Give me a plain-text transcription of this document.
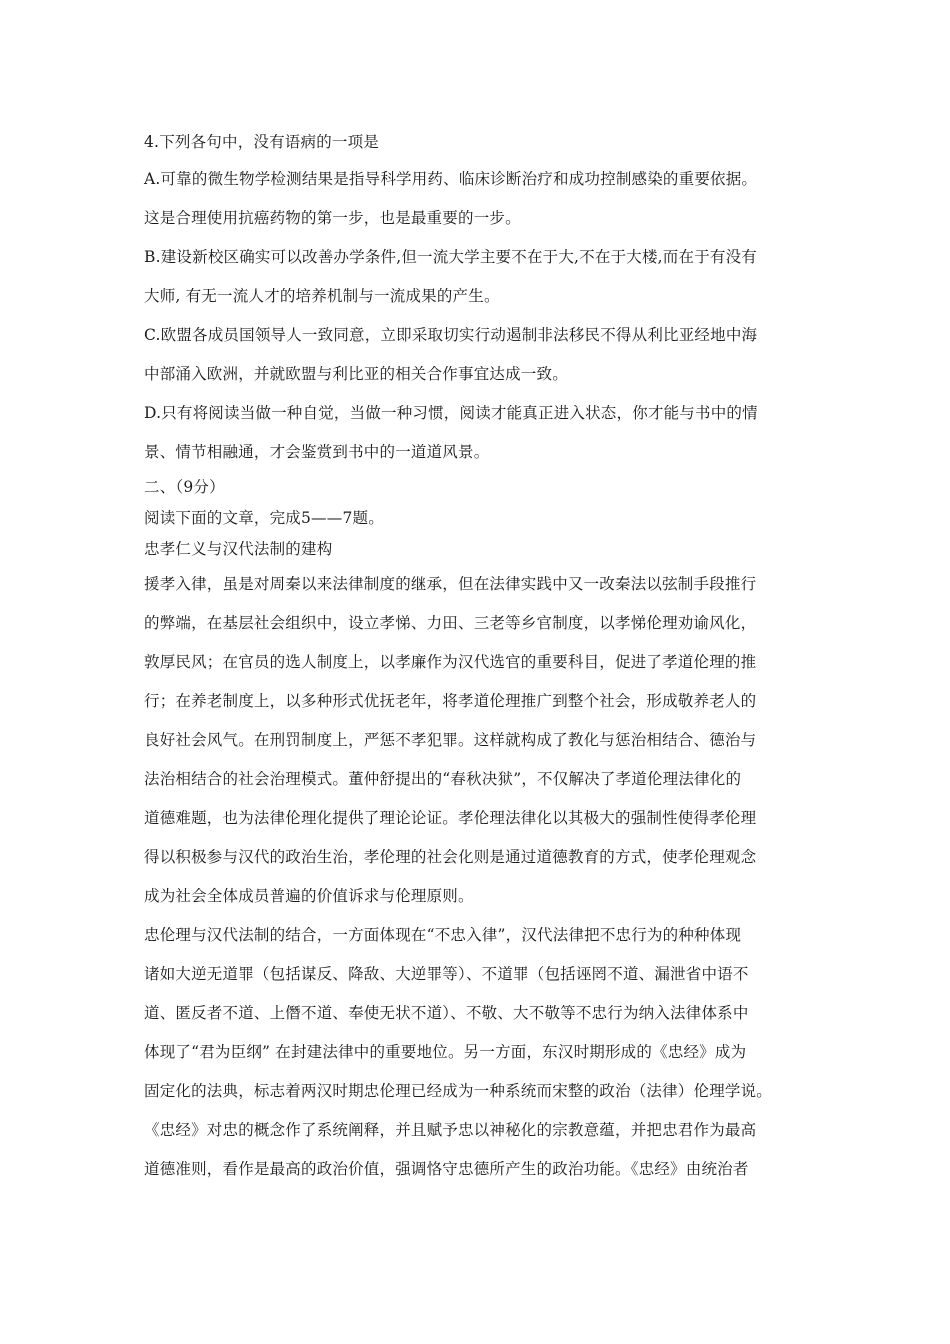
4.下列各句中，没有语病的一项是
A.可靠的微生物学检测结果是指导科学用药、临床诊断治疗和成功控制感染的重要依据。
这是合理使用抗癌药物的第一步，也是最重要的一步。
B.建设新校区确实可以改善办学条件,但一流大学主要不在于大,不在于大楼,而在于有没有
大师, 有无一流人才的培养机制与一流成果的产生。
C.欧盟各成员国领导人一致同意，立即采取切实行动遏制非法移民不得从利比亚经地中海
中部涌入欧洲，并就欧盟与利比亚的相关合作事宜达成一致。
D.只有将阅读当做一种自觉，当做一种习惯，阅读才能真正进入状态，你才能与书中的情
景、情节相融通，才会鉴赏到书中的一道道风景。
二、（9分）
阅读下面的文章，完成5——7题。
忠孝仁义与汉代法制的建构
援孝入律，虽是对周秦以来法律制度的继承，但在法律实践中又一改秦法以弦制手段推行
的弊端，在基层社会组织中，设立孝悌、力田、三老等乡官制度，以孝悌伦理劝谕风化，
敦厚民风；在官员的选人制度上，以孝廉作为汉代选官的重要科目，促进了孝道伦理的推
行；在养老制度上，以多种形式优抚老年，将孝道伦理推广到整个社会，形成敬养老人的
良好社会风气。在刑罚制度上，严惩不孝犯罪。这样就构成了教化与惩治相结合、德治与
法治相结合的社会治理模式。董仲舒提出的“春秋决狱”，不仅解决了孝道伦理法律化的
道德难题，也为法律伦理化提供了理论论证。孝伦理法律化以其极大的强制性使得孝伦理
得以积极参与汉代的政治生治，孝伦理的社会化则是通过道德教育的方式，使孝伦理观念
成为社会全体成员普遍的价值诉求与伦理原则。
忠伦理与汉代法制的结合，一方面体现在“不忠入律”，汉代法律把不忠行为的种种体现
诸如大逆无道罪（包括谋反、降敌、大逆罪等）、不道罪（包括诬罔不道、漏泄省中语不
道、匿反者不道、上僭不道、奉使无状不道）、不敬、大不敬等不忠行为纳入法律体系中
体现了“君为臣纲” 在封建法律中的重要地位。另一方面，东汉时期形成的《忠经》成为
固定化的法典，标志着两汉时期忠伦理已经成为一种系统而宋整的政治（法律）伦理学说。
《忠经》对忠的概念作了系统阐释，并且赋予忠以神秘化的宗教意蕴，并把忠君作为最高
道德准则，看作是最高的政治价值，强调恪守忠德所产生的政治功能。《忠经》由统治者
